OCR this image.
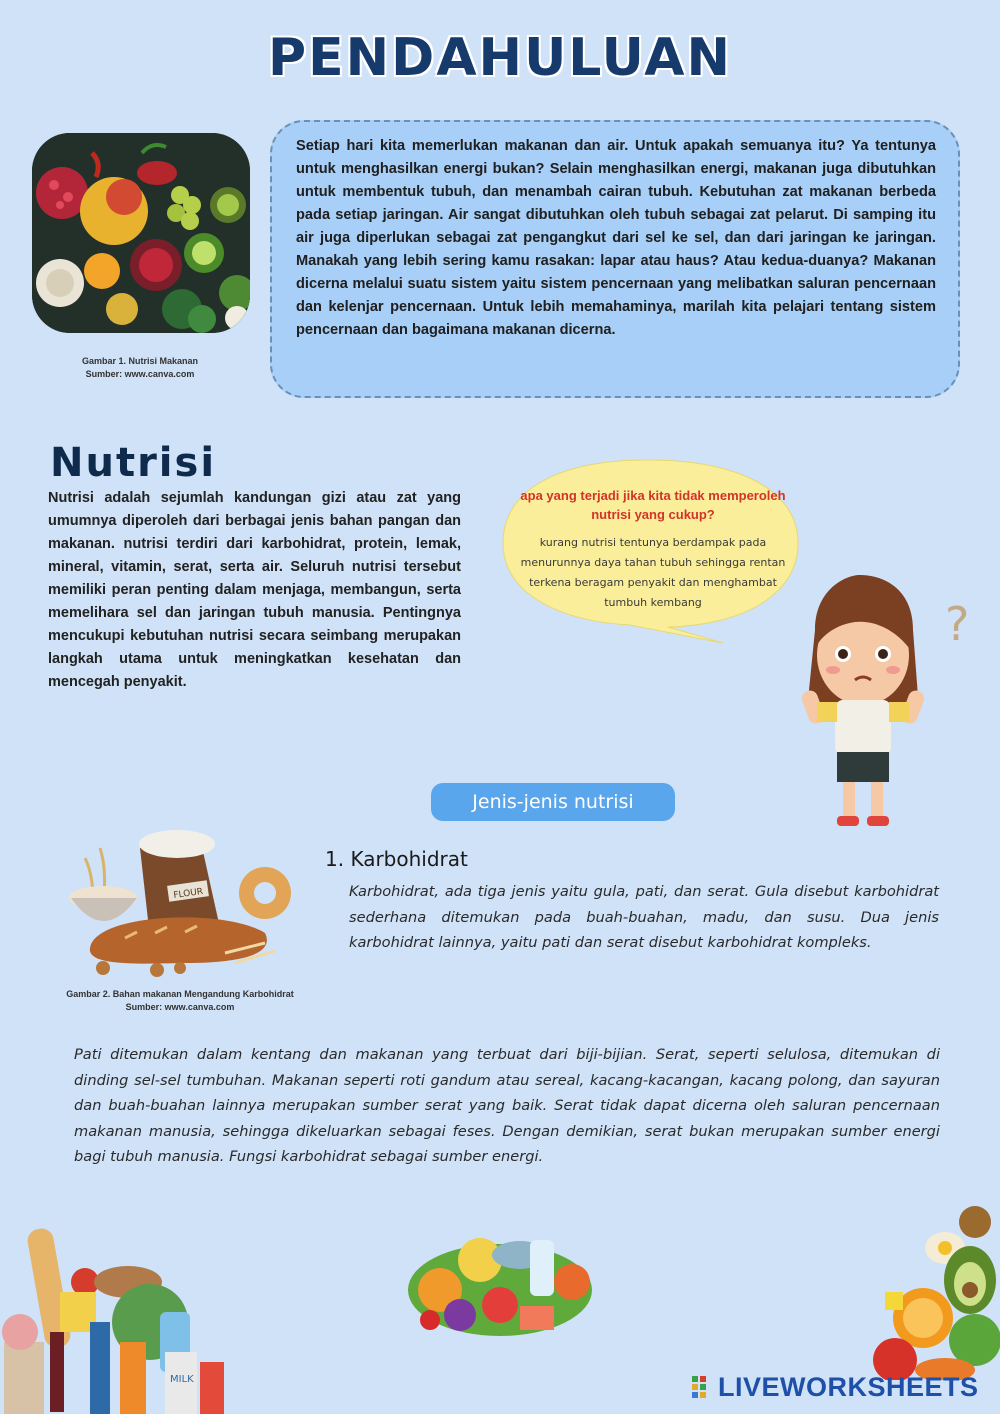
PENDAHULUAN
Gambar 1. Nutrisi Makanan
Sumber: www.canva.com
Setiap hari kita memerlukan makanan dan air. Untuk apakah semuanya itu? Ya tentunya untuk menghasilkan energi bukan? Selain menghasilkan energi, makanan juga dibutuhkan untuk membentuk tubuh, dan menambah cairan tubuh. Kebutuhan zat makanan berbeda pada setiap jaringan. Air sangat dibutuhkan oleh tubuh sebagai zat pelarut. Di samping itu air juga diperlukan sebagai zat pengangkut dari sel ke sel, dan dari jaringan ke jaringan. Manakah yang lebih sering kamu rasakan: lapar atau haus? Atau kedua-duanya? Makanan dicerna melalui suatu sistem yaitu sistem pencernaan yang melibatkan saluran pencernaan dan kelenjar pencernaan. Untuk lebih memahaminya, marilah kita pelajari tentang sistem pencernaan dan bagaimana makanan dicerna.
Nutrisi
Nutrisi adalah sejumlah kandungan gizi atau zat yang umumnya diperoleh dari berbagai jenis bahan pangan dan makanan. nutrisi terdiri dari karbohidrat, protein, lemak, mineral, vitamin, serat, serta air. Seluruh nutrisi tersebut memiliki peran penting dalam menjaga, membangun, serta memelihara sel dan jaringan tubuh manusia. Pentingnya mencukupi kebutuhan nutrisi secara seimbang merupakan langkah utama untuk meningkatkan kesehatan dan mencegah penyakit.
apa yang terjadi jika kita tidak memperoleh nutrisi yang cukup?
kurang nutrisi tentunya berdampak pada menurunnya daya tahan tubuh sehingga rentan terkena beragam penyakit dan menghambat tumbuh kembang	?
Jenis-jenis nutrisi
FLOUR
Gambar 2. Bahan makanan Mengandung Karbohidrat
Sumber: www.canva.com
1. Karbohidrat
Karbohidrat, ada tiga jenis yaitu gula, pati, dan serat. Gula disebut karbohidrat sederhana ditemukan pada buah-buahan, madu, dan susu. Dua jenis karbohidrat lainnya, yaitu pati dan serat disebut karbohidrat kompleks.
Pati ditemukan dalam kentang dan makanan yang terbuat dari biji-bijian. Serat, seperti selulosa, ditemukan di dinding sel-sel tumbuhan. Makanan seperti roti gandum atau sereal, kacang-kacangan, kacang polong, dan sayuran dan buah-buahan lainnya merupakan sumber serat yang baik. Serat tidak dapat dicerna oleh saluran pencernaan makanan manusia, sehingga dikeluarkan sebagai feses. Dengan demikian, serat bukan merupakan sumber energi bagi tubuh manusia. Fungsi karbohidrat sebagai sumber energi.
MILK	LIVEWORKSHEETS
